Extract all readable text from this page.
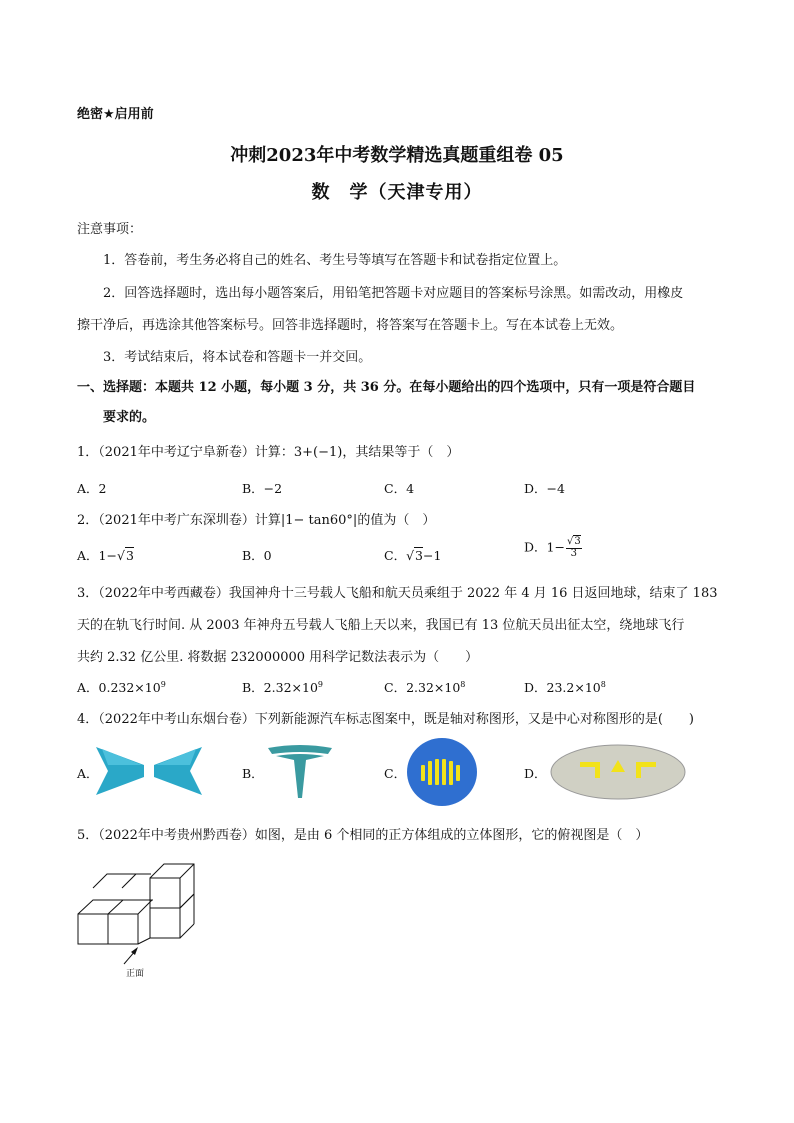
绝密★启用前
冲刺2023年中考数学精选真题重组卷 05
数　学（天津专用）
注意事项：
1．答卷前，考生务必将自己的姓名、考生号等填写在答题卡和试卷指定位置上。
2．回答选择题时，选出每小题答案后，用铅笔把答题卡对应题目的答案标号涂黑。如需改动，用橡皮
擦干净后，再选涂其他答案标号。回答非选择题时，将答案写在答题卡上。写在本试卷上无效。
3．考试结束后，将本试卷和答题卡一并交回。
一、选择题：本题共 12 小题，每小题 3 分，共 36 分。在每小题给出的四个选项中，只有一项是符合题目
要求的。
1．（2021年中考辽宁阜新卷）计算：3+(−1)，其结果等于（　）
A．2	B．−2	C．4	D．−4
2．（2021年中考广东深圳卷）计算|1− tan60°|的值为（　）
A．1−√3	B．0	C．√3−1
D．$1- \frac{√3}{3}$
3．（2022年中考西藏卷）我国神舟十三号载人飞船和航天员乘组于 2022 年 4 月 16 日返回地球，结束了 183
天的在轨飞行时间. 从 2003 年神舟五号载人飞船上天以来，我国已有 13 位航天员出征太空，绕地球飞行
共约 2.32 亿公里. 将数据 232000000 用科学记数法表示为（　　）
A．$0.232\times 10^9$	B．$2.32\times 10^9$	C．$2.32\times 10^8$	D．$23.2\times 10^8$
4．（2022年中考山东烟台卷）下列新能源汽车标志图案中，既是轴对称图形，又是中心对称图形的是(　　)
A．	B．	C．	D．
5．（2022年中考贵州黔西卷）如图，是由 6 个相同的正方体组成的立体图形，它的俯视图是（　）
正面
